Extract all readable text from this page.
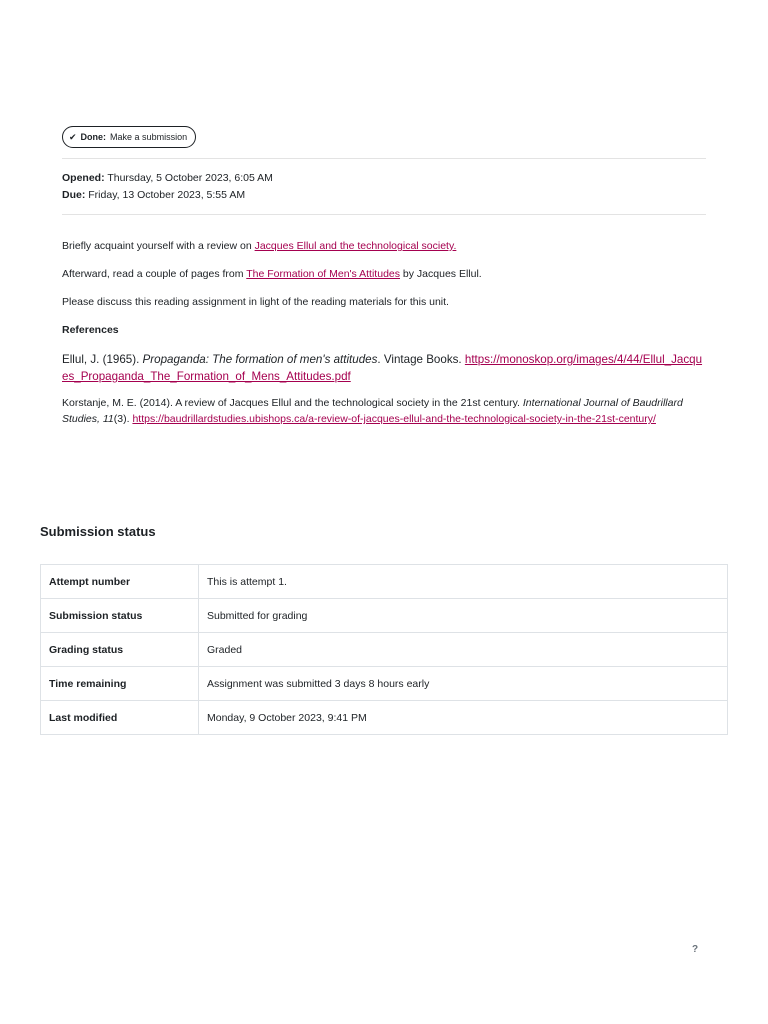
✔ Done: Make a submission
Opened: Thursday, 5 October 2023, 6:05 AM
Due: Friday, 13 October 2023, 5:55 AM

Briefly acquaint yourself with a review on Jacques Ellul and the technological society.

Afterward, read a couple of pages from The Formation of Men's Attitudes by Jacques Ellul.

Please discuss this reading assignment in light of the reading materials for this unit.

References

Ellul, J. (1965). Propaganda: The formation of men's attitudes. Vintage Books. https://monoskop.org/images/4/44/Ellul_Jacques_Propaganda_The_Formation_of_Mens_Attitudes.pdf

Korstanje, M. E. (2014). A review of Jacques Ellul and the technological society in the 21st century. International Journal of Baudrillard Studies, 11(3). https://baudrillardstudies.ubishops.ca/a-review-of-jacques-ellul-and-the-technological-society-in-the-21st-century/

Submission status
Attempt number	This is attempt 1.
Submission status	Submitted for grading
Grading status	Graded
Time remaining	Assignment was submitted 3 days 8 hours early
Last modified	Monday, 9 October 2023, 9:41 PM
?
